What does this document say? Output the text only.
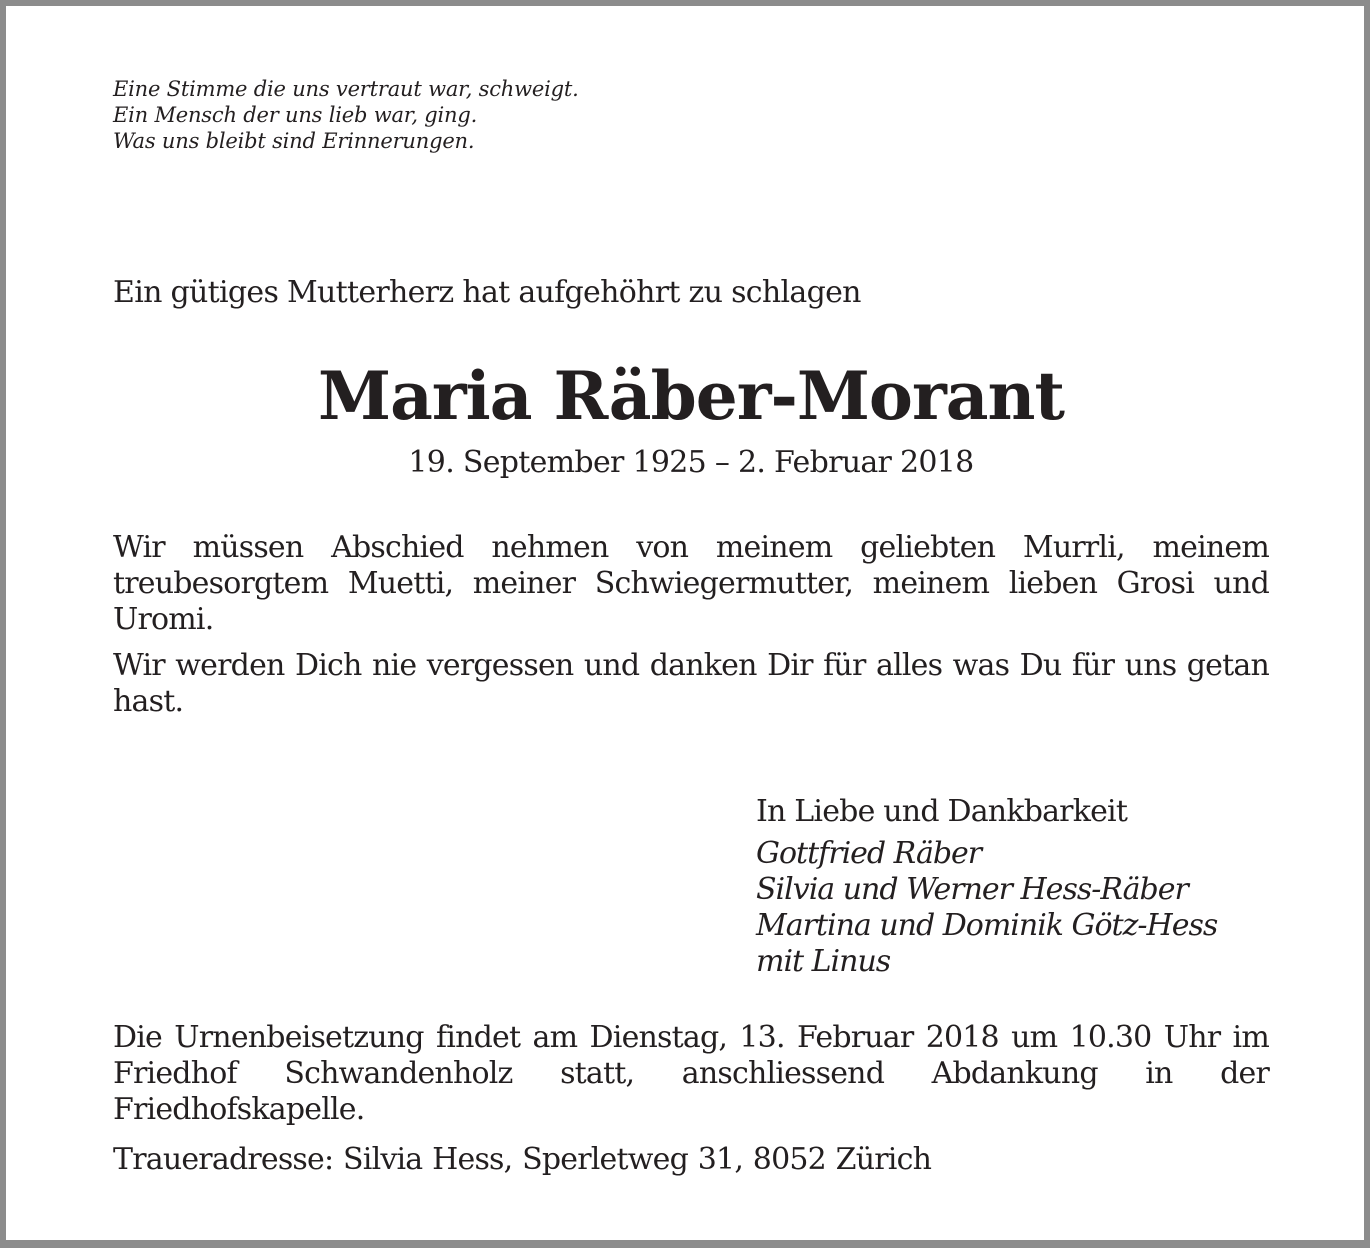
Eine Stimme die uns vertraut war, schweigt.
Ein Mensch der uns lieb war, ging.
Was uns bleibt sind Erinnerungen.
Ein gütiges Mutterherz hat aufgehöhrt zu schlagen
Maria Räber-Morant
19. September 1925 – 2. Februar 2018
Wir müssen Abschied nehmen von meinem geliebten Murrli, meinem treubesorgtem Muetti, meiner Schwiegermutter, meinem lieben Grosi und Uromi.
Wir werden Dich nie vergessen und danken Dir für alles was Du für uns getan hast.
In Liebe und Dankbarkeit
Gottfried Räber
Silvia und Werner Hess-Räber
Martina und Dominik Götz-Hess
mit Linus
Die Urnenbeisetzung findet am Dienstag, 13. Februar 2018 um 10.30 Uhr im Friedhof Schwandenholz statt, anschliessend Abdankung in der Friedhofskapelle.
Traueradresse: Silvia Hess, Sperletweg 31, 8052 Zürich
